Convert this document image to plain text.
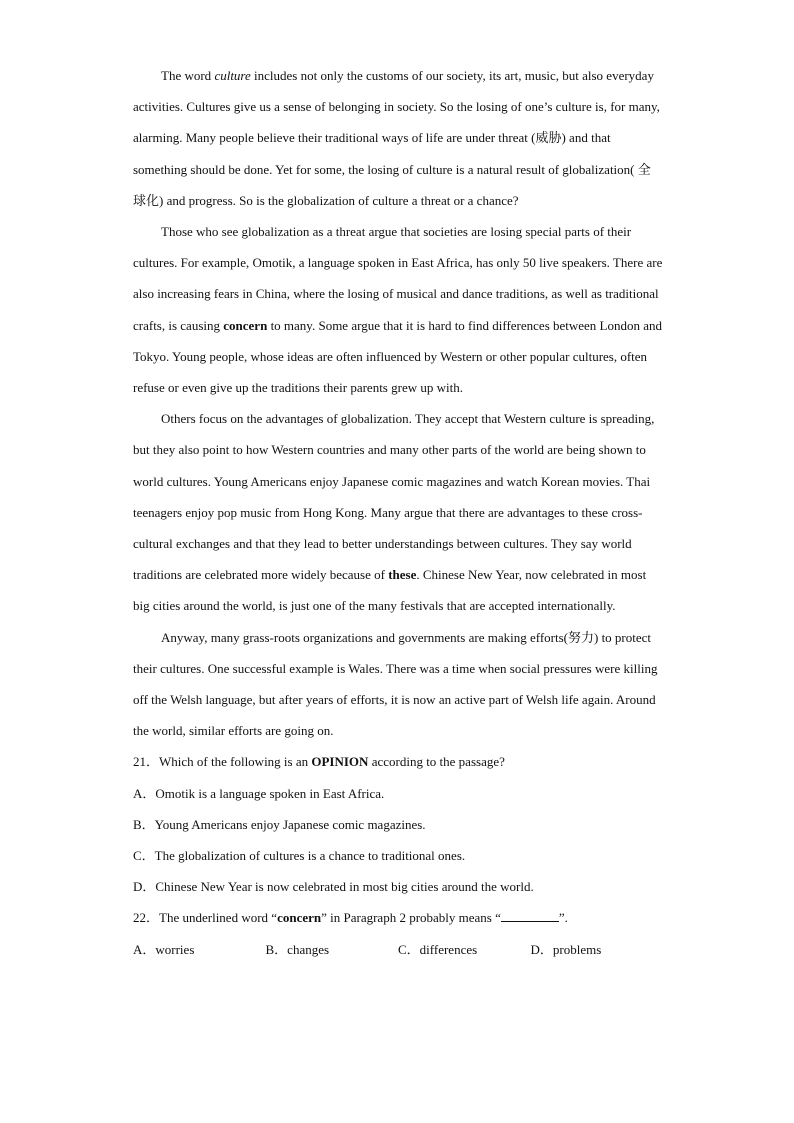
The word culture includes not only the customs of our society, its art, music, but also everyday activities. Cultures give us a sense of belonging in society. So the losing of one’s culture is, for many, alarming. Many people believe their traditional ways of life are under threat (威胁) and that something should be done. Yet for some, the losing of culture is a natural result of globalization( 全球化) and progress. So is the globalization of culture a threat or a chance?

Those who see globalization as a threat argue that societies are losing special parts of their cultures. For example, Omotik, a language spoken in East Africa, has only 50 live speakers. There are also increasing fears in China, where the losing of musical and dance traditions, as well as traditional crafts, is causing concern to many. Some argue that it is hard to find differences between London and Tokyo. Young people, whose ideas are often influenced by Western or other popular cultures, often refuse or even give up the traditions their parents grew up with.

Others focus on the advantages of globalization. They accept that Western culture is spreading, but they also point to how Western countries and many other parts of the world are being shown to world cultures. Young Americans enjoy Japanese comic magazines and watch Korean movies. Thai teenagers enjoy pop music from Hong Kong. Many argue that there are advantages to these cross-cultural exchanges and that they lead to better understandings between cultures. They say world traditions are celebrated more widely because of these. Chinese New Year, now celebrated in most big cities around the world, is just one of the many festivals that are accepted internationally.

Anyway, many grass-roots organizations and governments are making efforts(努力) to protect their cultures. One successful example is Wales. There was a time when social pressures were killing off the Welsh language, but after years of efforts, it is now an active part of Welsh life again. Around the world, similar efforts are going on.

21．Which of the following is an OPINION according to the passage?

A．Omotik is a language spoken in East Africa.

B．Young Americans enjoy Japanese comic magazines.

C．The globalization of cultures is a chance to traditional ones.

D．Chinese New Year is now celebrated in most big cities around the world.

22．The underlined word “concern” in Paragraph 2 probably means “	”.

A．worries	B．changes	C．differences	D．problems
